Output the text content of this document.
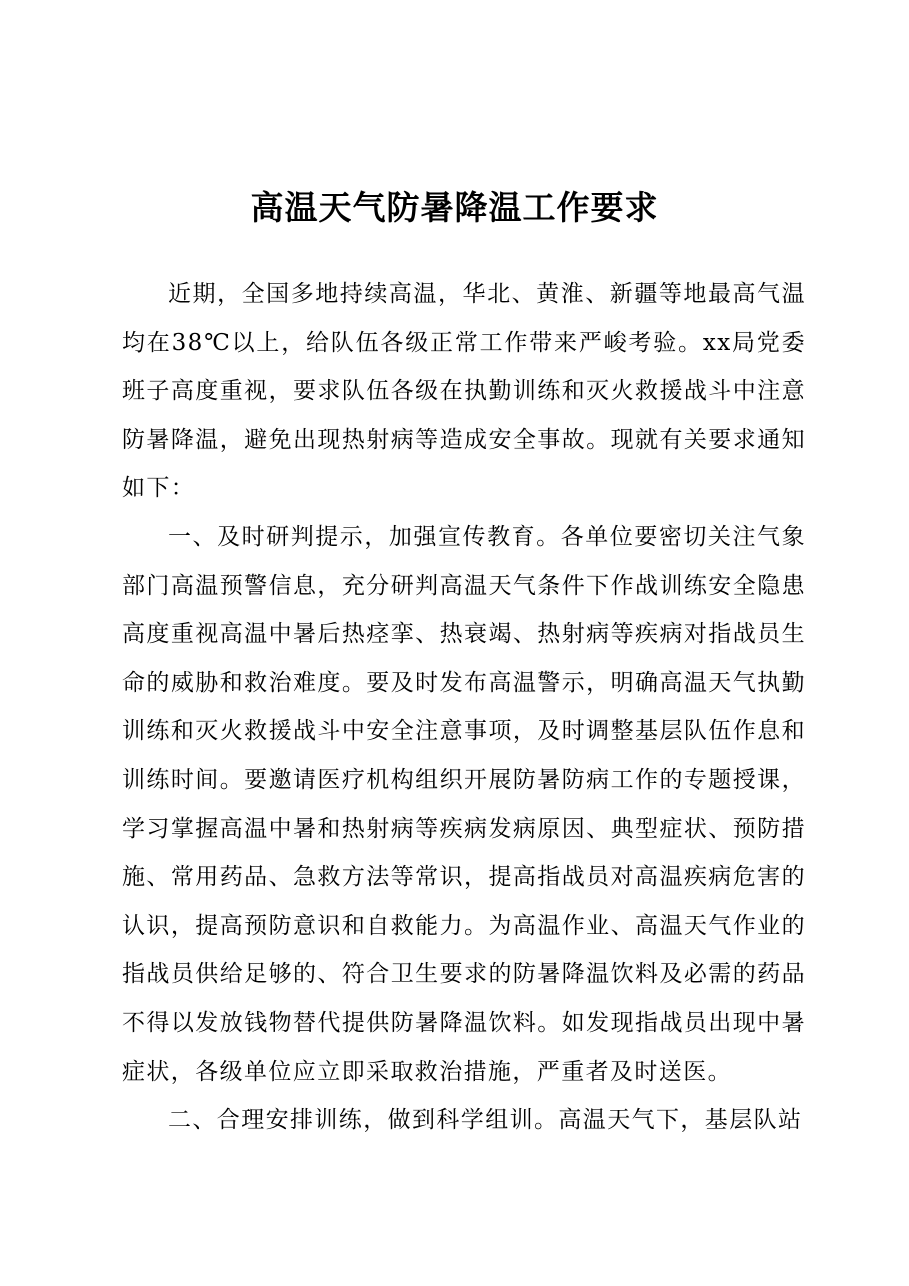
高温天气防暑降温工作要求

近期，全国多地持续高温，华北、黄淮、新疆等地最高气温均在38℃以上，给队伍各级正常工作带来严峻考验。xx局党委班子高度重视，要求队伍各级在执勤训练和灭火救援战斗中注意防暑降温，避免出现热射病等造成安全事故。现就有关要求通知如下：

一、及时研判提示，加强宣传教育。各单位要密切关注气象部门高温预警信息，充分研判高温天气条件下作战训练安全隐患高度重视高温中暑后热痉挛、热衰竭、热射病等疾病对指战员生命的威胁和救治难度。要及时发布高温警示，明确高温天气执勤训练和灭火救援战斗中安全注意事项，及时调整基层队伍作息和训练时间。要邀请医疗机构组织开展防暑防病工作的专题授课，学习掌握高温中暑和热射病等疾病发病原因、典型症状、预防措施、常用药品、急救方法等常识，提高指战员对高温疾病危害的认识，提高预防意识和自救能力。为高温作业、高温天气作业的指战员供给足够的、符合卫生要求的防暑降温饮料及必需的药品不得以发放钱物替代提供防暑降温饮料。如发现指战员出现中暑症状，各级单位应立即采取救治措施，严重者及时送医。

二、合理安排训练，做到科学组训。高温天气下，基层队站
